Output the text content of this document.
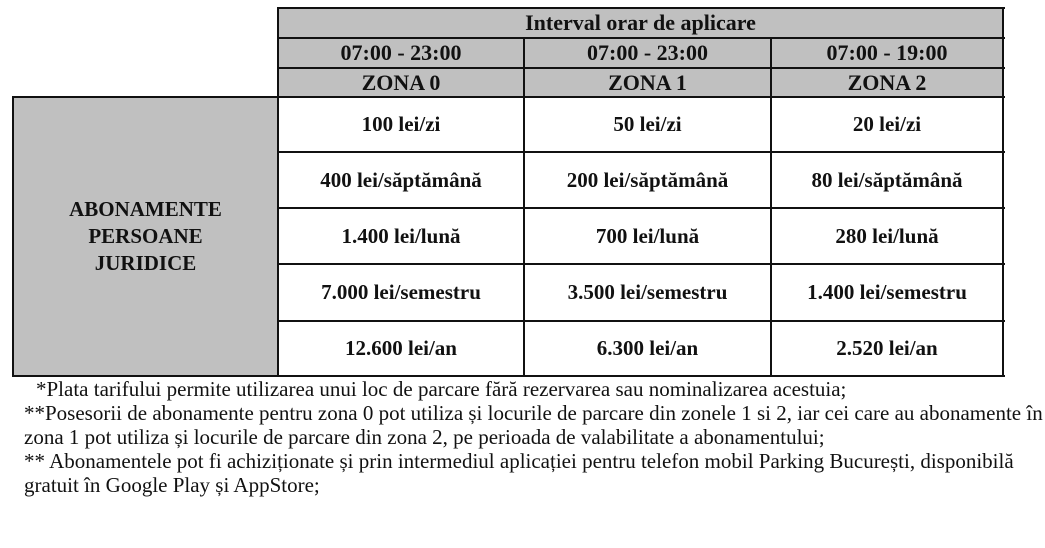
Interval orar de aplicare
07:00 - 23:00	07:00 - 23:00	07:00 - 19:00
ZONA 0	ZONA 1	ZONA 2
ABONAMENTE
PERSOANE
JURIDICE
100 lei/zi	50 lei/zi	20 lei/zi
400 lei/săptămână	200 lei/săptămână	80 lei/săptămână
1.400 lei/lună	700 lei/lună	280 lei/lună
7.000 lei/semestru	3.500 lei/semestru	1.400 lei/semestru
12.600 lei/an	6.300 lei/an	2.520 lei/an

*Plata tarifului permite utilizarea unui loc de parcare fără rezervarea sau nominalizarea acestuia;

**Posesorii de abonamente pentru zona 0 pot utiliza și locurile de parcare din zonele 1 si 2, iar cei care au abonamente în zona 1 pot utiliza și locurile de parcare din zona 2, pe perioada de valabilitate a abonamentului;

** Abonamentele pot fi achiziționate și prin intermediul aplicației pentru telefon mobil Parking București, disponibilă gratuit în Google Play și AppStore;
